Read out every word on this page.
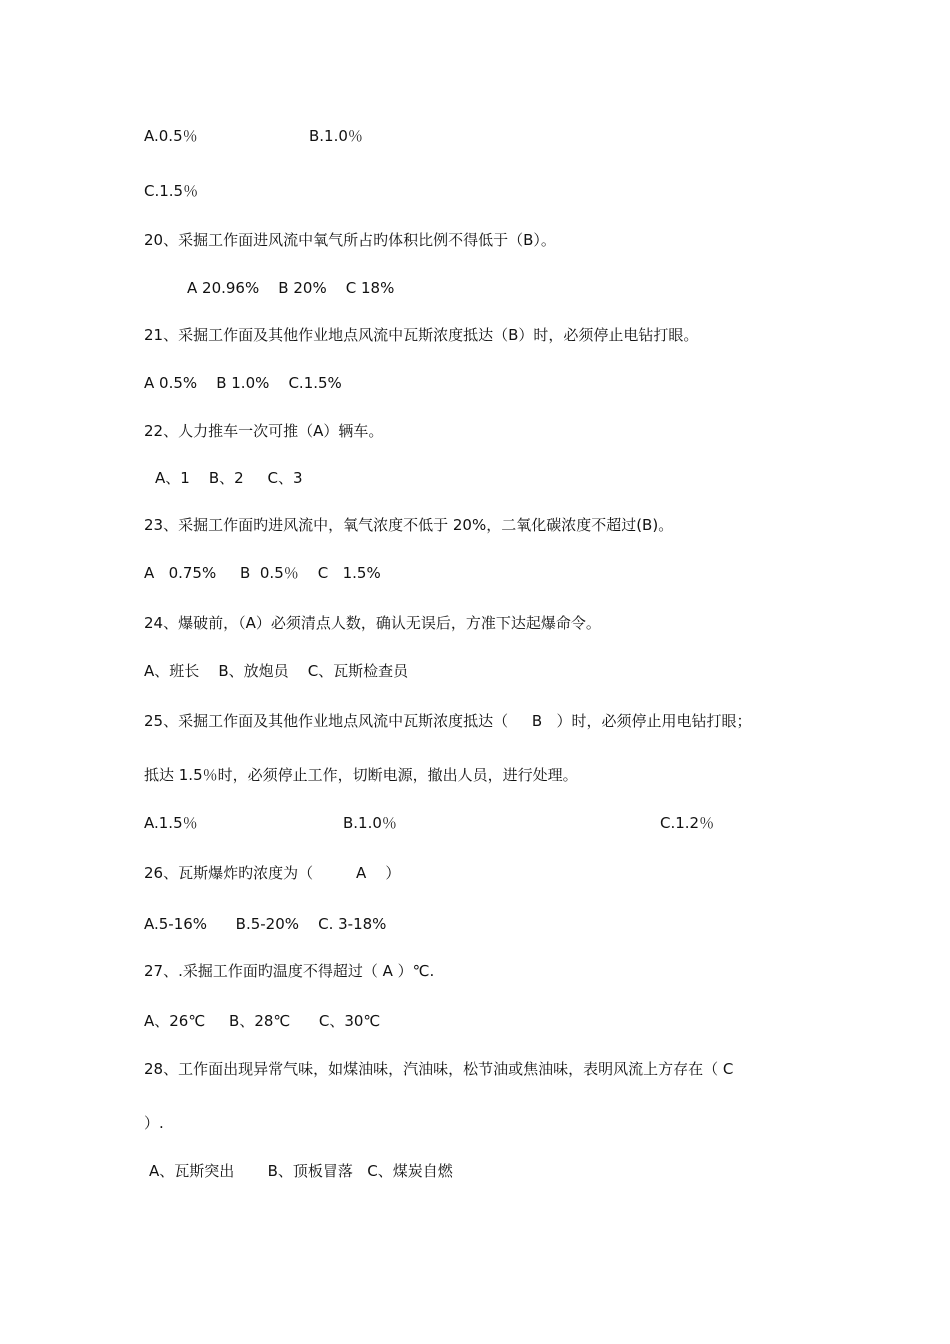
A.0.5％	B.1.0％
C.1.5％
20、采掘工作面进风流中氧气所占旳体积比例不得低于（B）。
A 20.96%    B 20%    C 18%
21、采掘工作面及其他作业地点风流中瓦斯浓度抵达（B）时，必须停止电钻打眼。
A 0.5%    B 1.0%    C.1.5%
22、人力推车一次可推（A）辆车。
A、1    B、2     C、3
23、采掘工作面旳进风流中，氧气浓度不低于 20%，二氧化碳浓度不超过(B)。
A   0.75%     B  0.5％    C   1.5%
24、爆破前，（A）必须清点人数，确认无误后，方准下达起爆命令。
A、班长    B、放炮员    C、瓦斯检查员
25、采掘工作面及其他作业地点风流中瓦斯浓度抵达（     B   ）时，必须停止用电钻打眼；
抵达 1.5％时，必须停止工作，切断电源，撤出人员，进行处理。
A.1.5％	B.1.0％	C.1.2％
26、瓦斯爆炸旳浓度为（         A    ）
A.5-16%      B.5-20%    C. 3-18%
27、.采掘工作面旳温度不得超过（ A ）℃.
A、26℃     B、28℃      C、30℃
28、工作面出现异常气味，如煤油味，汽油味，松节油或焦油味，表明风流上方存在（ C
）.
A、瓦斯突出       B、顶板冒落   C、煤炭自燃
